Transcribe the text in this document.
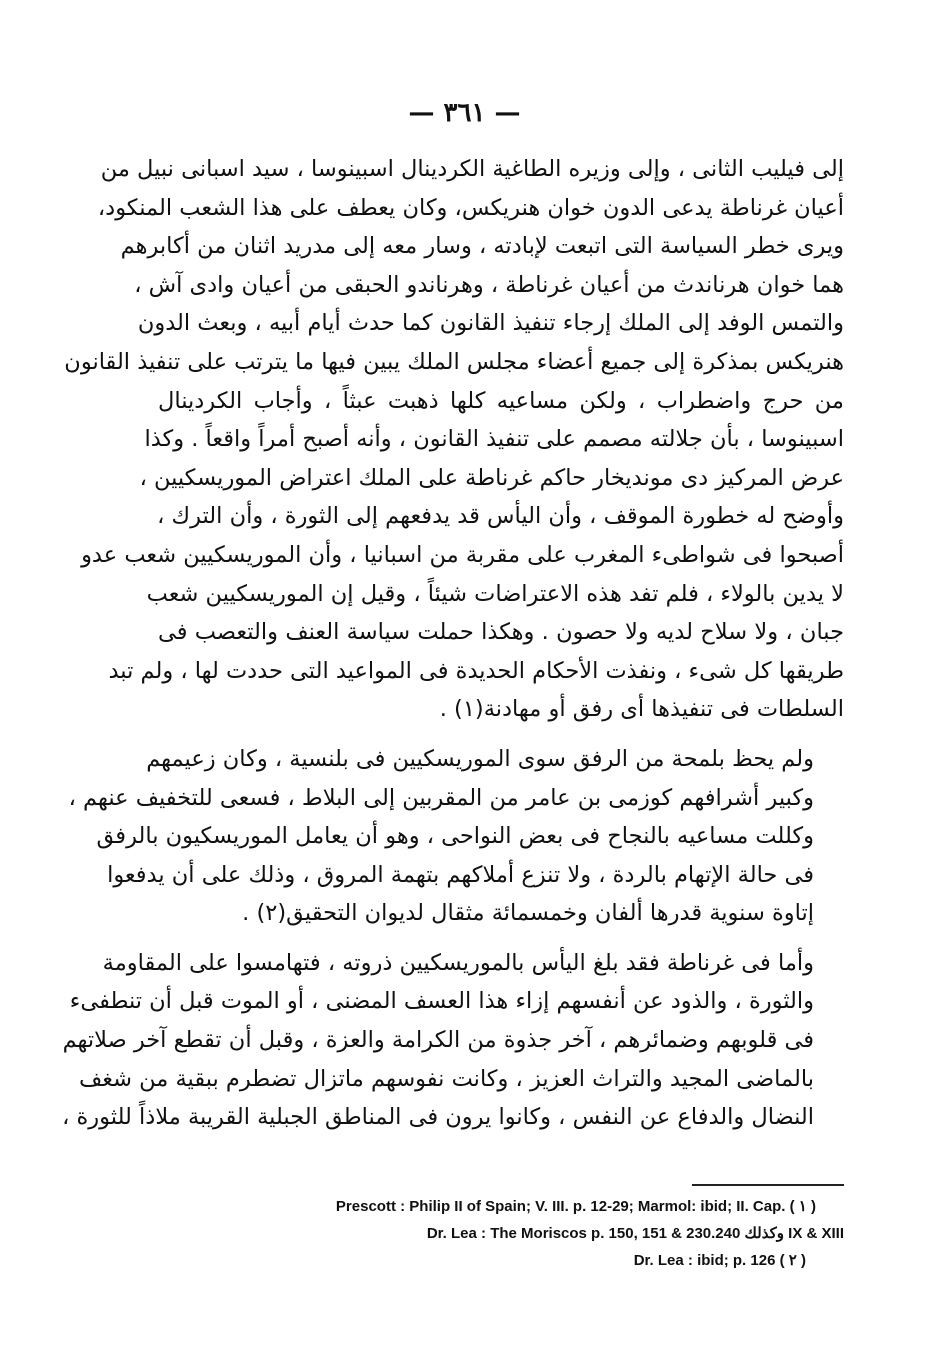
— ٣٦١ —

إلى فيليب الثانى ، وإلى وزيره الطاغية الكردينال اسبينوسا ، سيد اسبانى نبيل من
أعيان غرناطة يدعى الدون خوان هنريكس، وكان يعطف على هذا الشعب المنكود،
ويرى خطر السياسة التى اتبعت لإبادته ، وسار معه إلى مدريد اثنان من أكابرهم
هما خوان هرناندث من أعيان غرناطة ، وهرناندو الحبقى من أعيان وادى آش ،
والتمس الوفد إلى الملك إرجاء تنفيذ القانون كما حدث أيام أبيه ، وبعث الدون
هنريكس بمذكرة إلى جميع أعضاء مجلس الملك يبين فيها ما يترتب على تنفيذ القانون
من حرج واضطراب ، ولكن مساعيه كلها ذهبت عبثاً ، وأجاب الكردينال
اسبينوسا ، بأن جلالته مصمم على تنفيذ القانون ، وأنه أصبح أمراً واقعاً . وكذا
عرض المركيز دى مونديخار حاكم غرناطة على الملك اعتراض الموريسكيين ،
وأوضح له خطورة الموقف ، وأن اليأس قد يدفعهم إلى الثورة ، وأن الترك ،
أصبحوا فى شواطىء المغرب على مقربة من اسبانيا ، وأن الموريسكيين شعب عدو
لا يدين بالولاء ، فلم تفد هذه الاعتراضات شيئاً ، وقيل إن الموريسكيين شعب
جبان ، ولا سلاح لديه ولا حصون . وهكذا حملت سياسة العنف والتعصب فى
طريقها كل شىء ، ونفذت الأحكام الحديدة فى المواعيد التى حددت لها ، ولم تبد
السلطات فى تنفيذها أى رفق أو مهادنة(١) .

ولم يحظ بلمحة من الرفق سوى الموريسكيين فى بلنسية ، وكان زعيمهم
وكبير أشرافهم كوزمى بن عامر من المقربين إلى البلاط ، فسعى للتخفيف عنهم ،
وكللت مساعيه بالنجاح فى بعض النواحى ، وهو أن يعامل الموريسكيون بالرفق
فى حالة الإتهام بالردة ، ولا تنزع أملاكهم بتهمة المروق ، وذلك على أن يدفعوا
إتاوة سنوية قدرها ألفان وخمسمائة مثقال لديوان التحقيق(٢) .

وأما فى غرناطة فقد بلغ اليأس بالموريسكيين ذروته ، فتهامسوا على المقاومة
والثورة ، والذود عن أنفسهم إزاء هذا العسف المضنى ، أو الموت قبل أن تنطفىء
فى قلوبهم وضمائرهم ، آخر جذوة من الكرامة والعزة ، وقبل أن تقطع آخر صلاتهم
بالماضى المجيد والتراث العزيز ، وكانت نفوسهم ماتزال تضطرم ببقية من شغف
النضال والدفاع عن النفس ، وكانوا يرون فى المناطق الجبلية القريبة ملاذاً للثورة ،

Prescott : Philip II of Spain; V. III. p. 12-29; Marmol: ibid; II. Cap. ( ١ )
Dr. Lea : The Moriscos p. 150, 151 & 230.240 وكذلك IX & XIII
Dr. Lea : ibid; p. 126 ( ٢ )
